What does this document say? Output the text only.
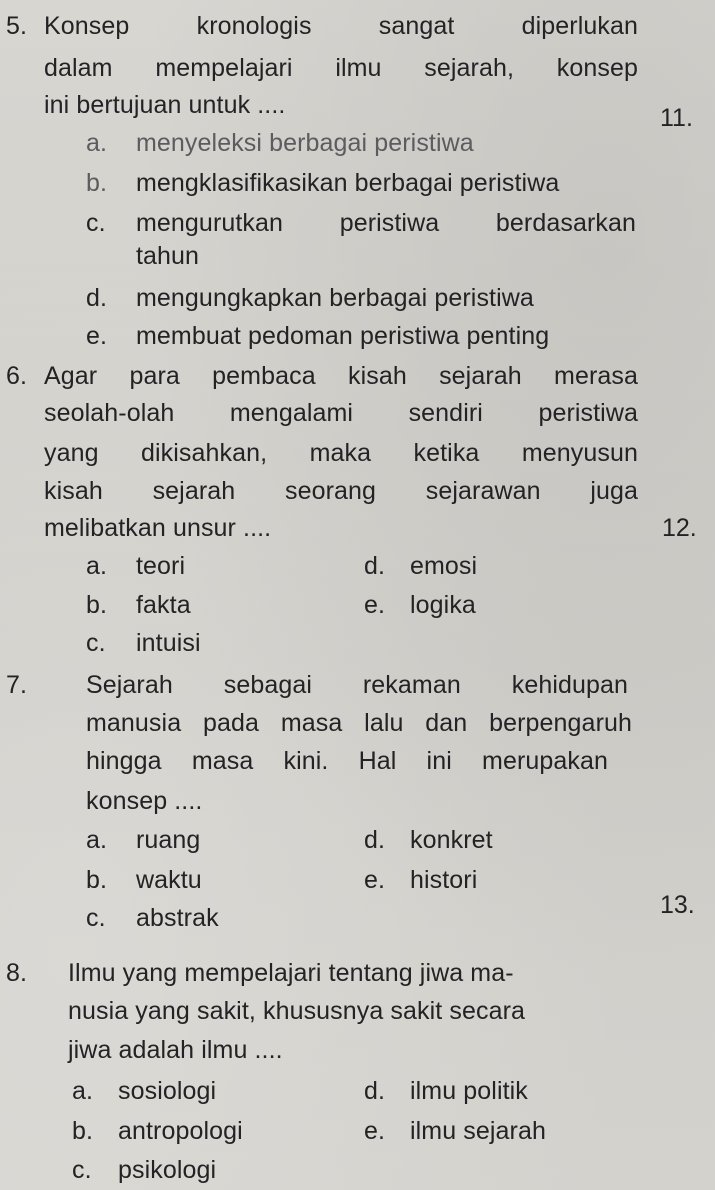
5. Konsep kronologis sangat diperlukan
dalam mempelajari ilmu sejarah, konsep
ini bertujuan untuk ....
a. menyeleksi berbagai peristiwa
b. mengklasifikasikan berbagai peristiwa
c. mengurutkan peristiwa berdasarkan
tahun
d. mengungkapkan berbagai peristiwa
e. membuat pedoman peristiwa penting
6. Agar para pembaca kisah sejarah merasa
seolah-olah mengalami sendiri peristiwa
yang dikisahkan, maka ketika menyusun
kisah sejarah seorang sejarawan juga
melibatkan unsur ....
a. teori
b. fakta
c. intuisi
d. emosi
e. logika
7. Sejarah sebagai rekaman kehidupan
manusia pada masa lalu dan berpengaruh
hingga masa kini. Hal ini merupakan
konsep ....
a. ruang
b. waktu
c. abstrak
d. konkret
e. histori
8. Ilmu yang mempelajari tentang jiwa ma-
nusia yang sakit, khususnya sakit secara
jiwa adalah ilmu ....
a. sosiologi
b. antropologi
c. psikologi
d. ilmu politik
e. ilmu sejarah
11.
12.
13.
